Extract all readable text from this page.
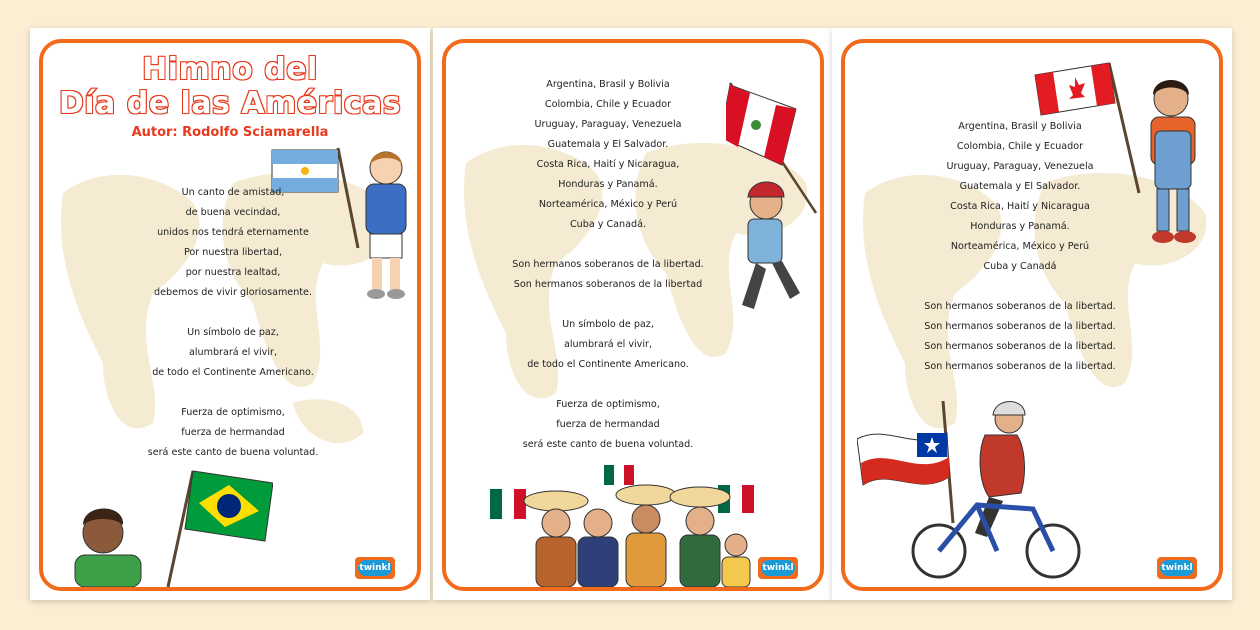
Himno del
Día de las Américas
Autor: Rodolfo Sciamarella
Un canto de amistad,
de buena vecindad,
unidos nos tendrá eternamente
Por nuestra libertad,
por nuestra lealtad,
debemos de vivir gloriosamente.
Un símbolo de paz,
alumbrará el vivir,
de todo el Continente Americano.
Fuerza de optimismo,
fuerza de hermandad
será este canto de buena voluntad.
twinkl
Argentina, Brasil y Bolivia
Colombia, Chile y Ecuador
Uruguay, Paraguay, Venezuela
Guatemala y El Salvador.
Costa Rica, Haití y Nicaragua,
Honduras y Panamá.
Norteamérica, México y Perú
Cuba y Canadá.
Son hermanos soberanos de la libertad.
Son hermanos soberanos de la libertad
Un símbolo de paz,
alumbrará el vivir,
de todo el Continente Americano.
Fuerza de optimismo,
fuerza de hermandad
será este canto de buena voluntad.
twinkl
Argentina, Brasil y Bolivia
Colombia, Chile y Ecuador
Uruguay, Paraguay, Venezuela
Guatemala y El Salvador.
Costa Rica, Haití y Nicaragua
Honduras y Panamá.
Norteamérica, México y Perú
Cuba y Canadá
Son hermanos soberanos de la libertad.
Son hermanos soberanos de la libertad.
Son hermanos soberanos de la libertad.
Son hermanos soberanos de la libertad.
twinkl
